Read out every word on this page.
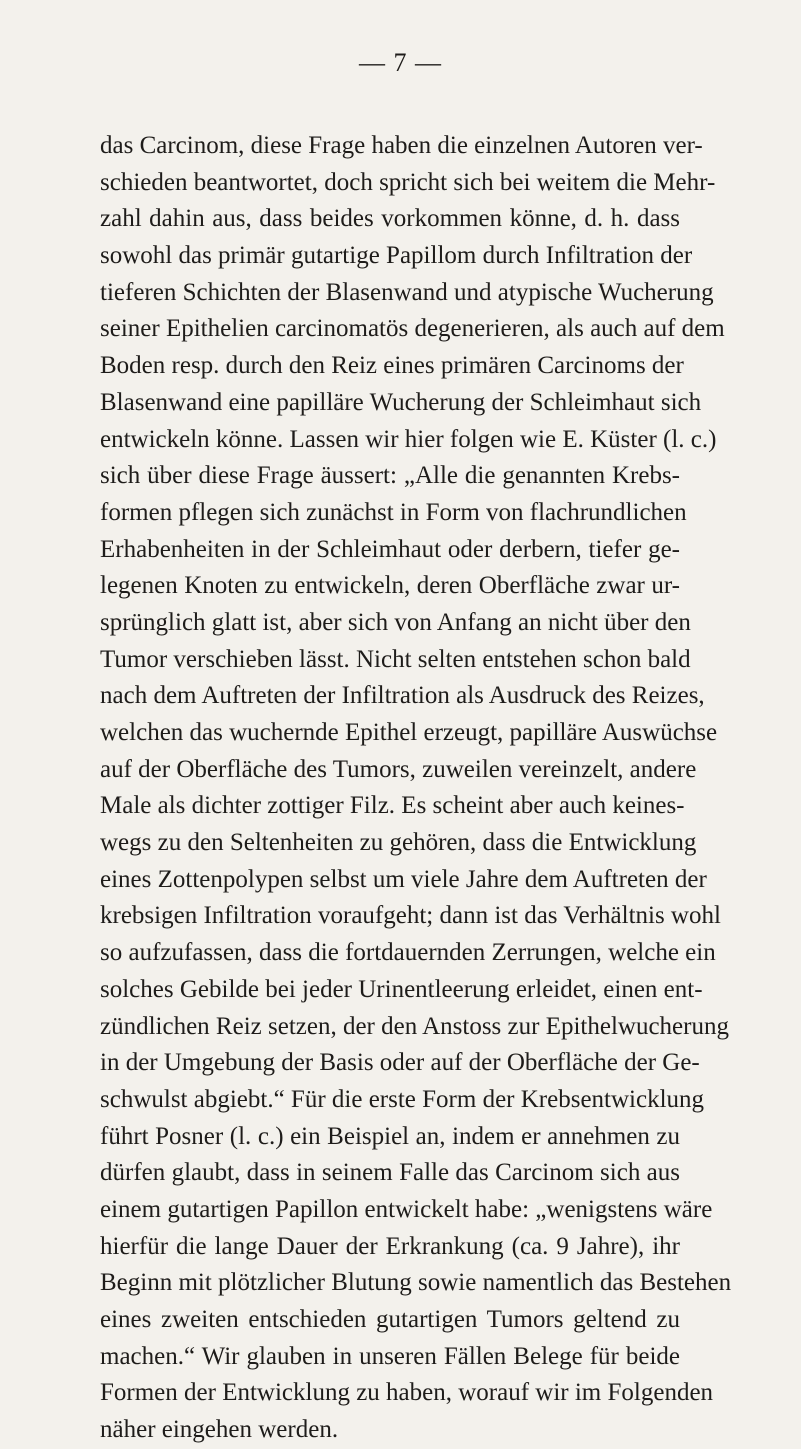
— 7 —
das Carcinom, diese Frage haben die einzelnen Autoren ver-
schieden beantwortet, doch spricht sich bei weitem die Mehr-
zahl dahin aus, dass beides vorkommen könne, d. h. dass
sowohl das primär gutartige Papillom durch Infiltration der
tieferen Schichten der Blasenwand und atypische Wucherung
seiner Epithelien carcinomatös degenerieren, als auch auf dem
Boden resp. durch den Reiz eines primären Carcinoms der
Blasenwand eine papilläre Wucherung der Schleimhaut sich
entwickeln könne. Lassen wir hier folgen wie E. Küster (l. c.)
sich über diese Frage äussert: „Alle die genannten Krebs-
formen pflegen sich zunächst in Form von flachrundlichen
Erhabenheiten in der Schleimhaut oder derbern, tiefer ge-
legenen Knoten zu entwickeln, deren Oberfläche zwar ur-
sprünglich glatt ist, aber sich von Anfang an nicht über den
Tumor verschieben lässt. Nicht selten entstehen schon bald
nach dem Auftreten der Infiltration als Ausdruck des Reizes,
welchen das wuchernde Epithel erzeugt, papilläre Auswüchse
auf der Oberfläche des Tumors, zuweilen vereinzelt, andere
Male als dichter zottiger Filz. Es scheint aber auch keines-
wegs zu den Seltenheiten zu gehören, dass die Entwicklung
eines Zottenpolypen selbst um viele Jahre dem Auftreten der
krebsigen Infiltration voraufgeht; dann ist das Verhältnis wohl
so aufzufassen, dass die fortdauernden Zerrungen, welche ein
solches Gebilde bei jeder Urinentleerung erleidet, einen ent-
zündlichen Reiz setzen, der den Anstoss zur Epithelwucherung
in der Umgebung der Basis oder auf der Oberfläche der Ge-
schwulst abgiebt.“ Für die erste Form der Krebsentwicklung
führt Posner (l. c.) ein Beispiel an, indem er annehmen zu
dürfen glaubt, dass in seinem Falle das Carcinom sich aus
einem gutartigen Papillon entwickelt habe: „wenigstens wäre
hierfür die lange Dauer der Erkrankung (ca. 9 Jahre), ihr
Beginn mit plötzlicher Blutung sowie namentlich das Bestehen
eines zweiten entschieden gutartigen Tumors geltend zu
machen.“ Wir glauben in unseren Fällen Belege für beide
Formen der Entwicklung zu haben, worauf wir im Folgenden
näher eingehen werden.
